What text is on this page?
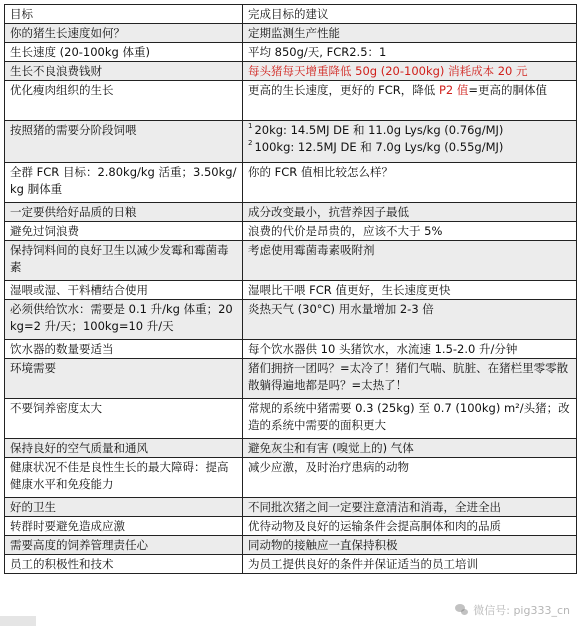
目标	完成目标的建议
你的猪生长速度如何？	定期监测生产性能
生长速度 (20-100kg 体重)	平均 850g/天, FCR2.5：1
生长不良浪费钱财	每头猪每天增重降低 50g (20-100kg) 消耗成本 20 元
优化瘦肉组织的生长	更高的生长速度，更好的 FCR，降低 P2 值=更高的胴体值
按照猪的需要分阶段饲喂	$^1$ 20kg: 14.5MJ DE 和 11.0g Lys/kg (0.76g/MJ)
$^2$ 100kg: 12.5MJ DE 和 7.0g Lys/kg (0.55g/MJ)

全群 FCR 目标：2.80kg/kg 活重；3.50kg/kg 胴体重	你的 FCR 值相比较怎么样？
一定要供给好品质的日粮	成分改变最小，抗营养因子最低
避免过饲浪费	浪费的代价是昂贵的，应该不大于 5%
保持饲料间的良好卫生以减少发霉和霉菌毒素	考虑使用霉菌毒素吸附剂
湿喂或湿、干料槽结合使用	湿喂比干喂 FCR 值更好，生长速度更快
必须供给饮水：需要是 0.1 升/kg 体重；20kg=2 升/天；100kg=10 升/天	炎热天气 (30°C) 用水量增加 2-3 倍
饮水器的数量要适当	每个饮水器供 10 头猪饮水，水流速 1.5-2.0 升/分钟
环境需要	猪们拥挤一团吗？=太冷了！猪们气喘、肮脏、在猪栏里零零散散躺得遍地都是吗？=太热了！
不要饲养密度太大	常规的系统中猪需要 0.3 (25kg) 至 0.7 (100kg) m²/头猪；改造的系统中需要的面积更大
保持良好的空气质量和通风	避免灰尘和有害 (嗅觉上的) 气体
健康状况不佳是良性生长的最大障碍：提高健康水平和免疫能力	减少应激，及时治疗患病的动物
好的卫生	不同批次猪之间一定要注意清洁和消毒，全进全出
转群时要避免造成应激	优待动物及良好的运输条件会提高胴体和肉的品质
需要高度的饲养管理责任心	同动物的接触应一直保持积极
员工的积极性和技术	为员工提供良好的条件并保证适当的员工培训
微信号: pig333_cn
